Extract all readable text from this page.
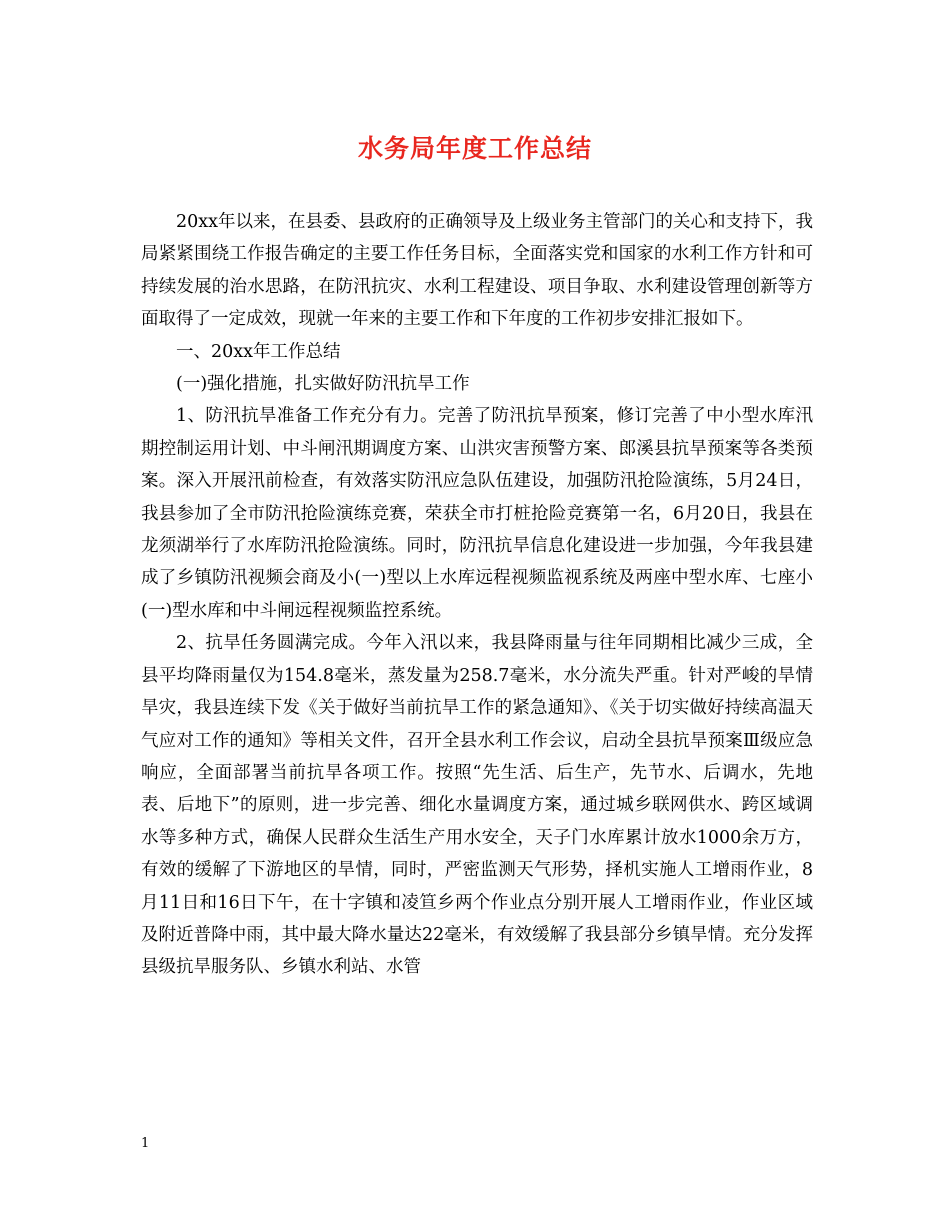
水务局年度工作总结

20xx年以来，在县委、县政府的正确领导及上级业务主管部门的关心和支持下，我局紧紧围绕工作报告确定的主要工作任务目标，全面落实党和国家的水利工作方针和可持续发展的治水思路，在防汛抗灾、水利工程建设、项目争取、水利建设管理创新等方面取得了一定成效，现就一年来的主要工作和下年度的工作初步安排汇报如下。

一、20xx年工作总结

(一)强化措施，扎实做好防汛抗旱工作

1、防汛抗旱准备工作充分有力。完善了防汛抗旱预案，修订完善了中小型水库汛期控制运用计划、中斗闸汛期调度方案、山洪灾害预警方案、郎溪县抗旱预案等各类预案。深入开展汛前检查，有效落实防汛应急队伍建设，加强防汛抢险演练，5月24日，我县参加了全市防汛抢险演练竞赛，荣获全市打桩抢险竞赛第一名，6月20日，我县在龙须湖举行了水库防汛抢险演练。同时，防汛抗旱信息化建设进一步加强，今年我县建成了乡镇防汛视频会商及小(一)型以上水库远程视频监视系统及两座中型水库、七座小(一)型水库和中斗闸远程视频监控系统。

2、抗旱任务圆满完成。今年入汛以来，我县降雨量与往年同期相比减少三成，全县平均降雨量仅为154.8毫米，蒸发量为258.7毫米，水分流失严重。针对严峻的旱情旱灾，我县连续下发《关于做好当前抗旱工作的紧急通知》、《关于切实做好持续高温天气应对工作的通知》等相关文件，召开全县水利工作会议，启动全县抗旱预案Ⅲ级应急响应，全面部署当前抗旱各项工作。按照“先生活、后生产，先节水、后调水，先地表、后地下”的原则，进一步完善、细化水量调度方案，通过城乡联网供水、跨区域调水等多种方式，确保人民群众生活生产用水安全，天子门水库累计放水1000余万方，有效的缓解了下游地区的旱情，同时，严密监测天气形势，择机实施人工增雨作业，8月11日和16日下午，在十字镇和凌笪乡两个作业点分别开展人工增雨作业，作业区域及附近普降中雨，其中最大降水量达22毫米，有效缓解了我县部分乡镇旱情。充分发挥县级抗旱服务队、乡镇水利站、水管

1
